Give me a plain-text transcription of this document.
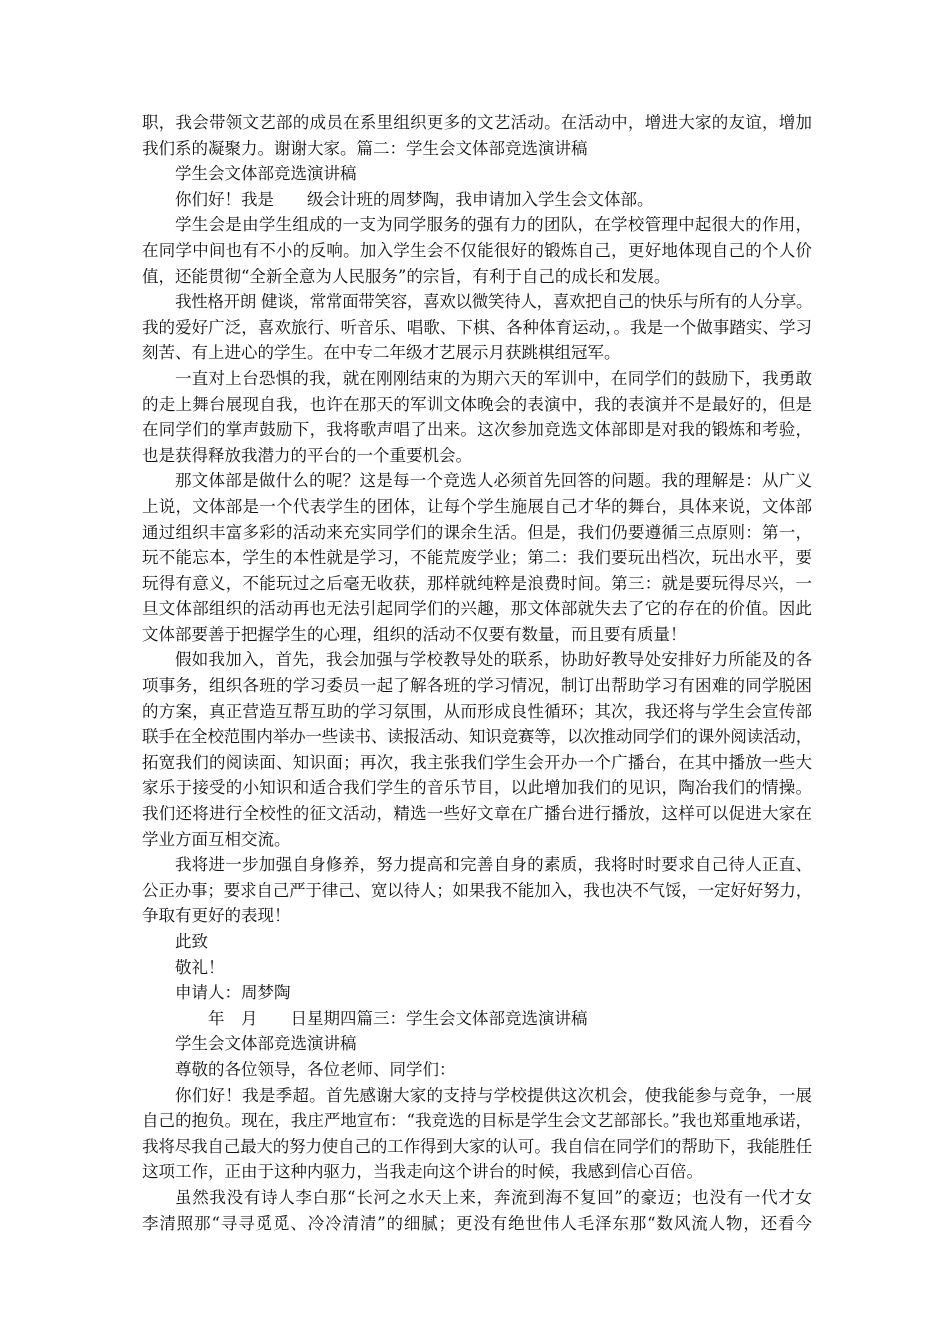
职，我会带领文艺部的成员在系里组织更多的文艺活动。在活动中，增进大家的友谊，增加
我们系的凝聚力。谢谢大家。篇二：学生会文体部竞选演讲稿
学生会文体部竞选演讲稿
你们好！我是　　级会计班的周梦陶，我申请加入学生会文体部。
学生会是由学生组成的一支为同学服务的强有力的团队，在学校管理中起很大的作用，
在同学中间也有不小的反响。加入学生会不仅能很好的锻炼自己，更好地体现自己的个人价
值，还能贯彻“全新全意为人民服务”的宗旨，有利于自己的成长和发展。
我性格开朗 健谈，常常面带笑容，喜欢以微笑待人，喜欢把自己的快乐与所有的人分享。
我的爱好广泛，喜欢旅行、听音乐、唱歌、下棋、各种体育运动，。我是一个做事踏实、学习
刻苦、有上进心的学生。在中专二年级才艺展示月获跳棋组冠军。
一直对上台恐惧的我，就在刚刚结束的为期六天的军训中，在同学们的鼓励下，我勇敢
的走上舞台展现自我，也许在那天的军训文体晚会的表演中，我的表演并不是最好的，但是
在同学们的掌声鼓励下，我将歌声唱了出来。这次参加竞选文体部即是对我的锻炼和考验，
也是获得释放我潜力的平台的一个重要机会。
那文体部是做什么的呢？这是每一个竞选人必须首先回答的问题。我的理解是：从广义
上说，文体部是一个代表学生的团体，让每个学生施展自己才华的舞台，具体来说，文体部
通过组织丰富多彩的活动来充实同学们的课余生活。但是，我们仍要遵循三点原则：第一，
玩不能忘本，学生的本性就是学习，不能荒废学业；第二：我们要玩出档次，玩出水平，要
玩得有意义，不能玩过之后毫无收获，那样就纯粹是浪费时间。第三：就是要玩得尽兴，一
旦文体部组织的活动再也无法引起同学们的兴趣，那文体部就失去了它的存在的价值。因此
文体部要善于把握学生的心理，组织的活动不仅要有数量，而且要有质量！
假如我加入，首先，我会加强与学校教导处的联系，协助好教导处安排好力所能及的各
项事务，组织各班的学习委员一起了解各班的学习情况，制订出帮助学习有困难的同学脱困
的方案，真正营造互帮互助的学习氛围，从而形成良性循环；其次，我还将与学生会宣传部
联手在全校范围内举办一些读书、读报活动、知识竞赛等，以次推动同学们的课外阅读活动，
拓宽我们的阅读面、知识面；再次，我主张我们学生会开办一个广播台，在其中播放一些大
家乐于接受的小知识和适合我们学生的音乐节目，以此增加我们的见识，陶冶我们的情操。
我们还将进行全校性的征文活动，精选一些好文章在广播台进行播放，这样可以促进大家在
学业方面互相交流。
我将进一步加强自身修养，努力提高和完善自身的素质，我将时时要求自己待人正直、
公正办事；要求自己严于律己、宽以待人；如果我不能加入，我也决不气馁，一定好好努力，
争取有更好的表现！
此致
敬礼！
申请人：周梦陶
年　月　　日星期四篇三：学生会文体部竞选演讲稿
学生会文体部竞选演讲稿
尊敬的各位领导，各位老师、同学们：
你们好！我是季超。首先感谢大家的支持与学校提供这次机会，使我能参与竞争，一展
自己的抱负。现在，我庄严地宣布：“我竞选的目标是学生会文艺部部长。”我也郑重地承诺，
我将尽我自己最大的努力使自己的工作得到大家的认可。我自信在同学们的帮助下，我能胜任
这项工作，正由于这种内驱力，当我走向这个讲台的时候，我感到信心百倍。
虽然我没有诗人李白那“长河之水天上来，奔流到海不复回”的豪迈；也没有一代才女
李清照那“寻寻觅觅、冷冷清清”的细腻；更没有绝世伟人毛泽东那“数风流人物，还看今
